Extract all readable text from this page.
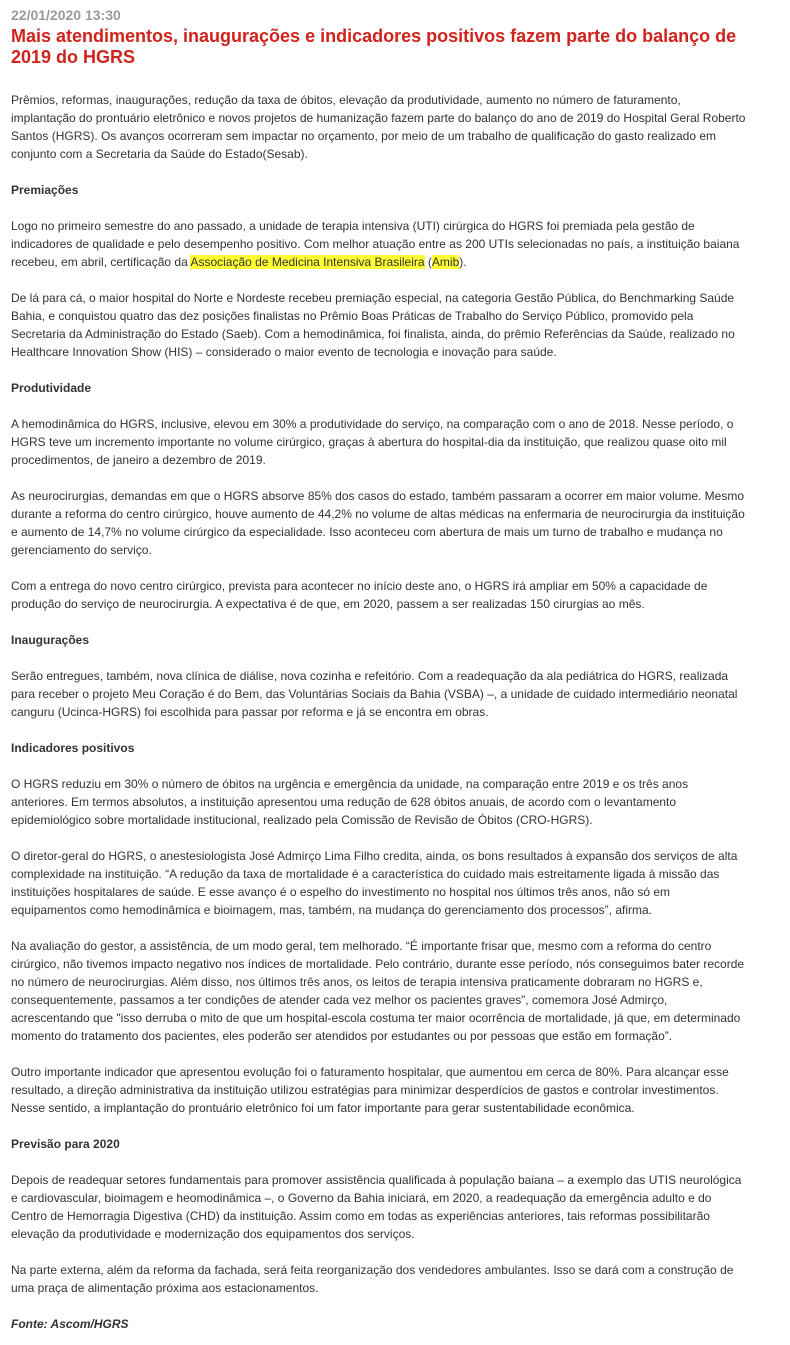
22/01/2020 13:30
Mais atendimentos, inaugurações e indicadores positivos fazem parte do balanço de 2019 do HGRS

Prêmios, reformas, inaugurações, redução da taxa de óbitos, elevação da produtividade, aumento no número de faturamento, implantação do prontuário eletrônico e novos projetos de humanização fazem parte do balanço do ano de 2019 do Hospital Geral Roberto Santos (HGRS). Os avanços ocorreram sem impactar no orçamento, por meio de um trabalho de qualificação do gasto realizado em conjunto com a Secretaria da Saúde do Estado(Sesab).

Premiações

Logo no primeiro semestre do ano passado, a unidade de terapia intensiva (UTI) cirúrgica do HGRS foi premiada pela gestão de indicadores de qualidade e pelo desempenho positivo. Com melhor atuação entre as 200 UTIs selecionadas no país, a instituição baiana recebeu, em abril, certificação da Associação de Medicina Intensiva Brasileira (Amib).

De lá para cá, o maior hospital do Norte e Nordeste recebeu premiação especial, na categoria Gestão Pública, do Benchmarking Saúde Bahia, e conquistou quatro das dez posições finalistas no Prêmio Boas Práticas de Trabalho do Serviço Público, promovido pela Secretaria da Administração do Estado (Saeb). Com a hemodinâmica, foi finalista, ainda, do prêmio Referências da Saúde, realizado no Healthcare Innovation Show (HIS) – considerado o maior evento de tecnologia e inovação para saúde.

Produtividade

A hemodinâmica do HGRS, inclusive, elevou em 30% a produtividade do serviço, na comparação com o ano de 2018. Nesse período, o HGRS teve um incremento importante no volume cirúrgico, graças à abertura do hospital-dia da instituição, que realizou quase oito mil procedimentos, de janeiro a dezembro de 2019.

As neurocirurgias, demandas em que o HGRS absorve 85% dos casos do estado, também passaram a ocorrer em maior volume. Mesmo durante a reforma do centro cirúrgico, houve aumento de 44,2% no volume de altas médicas na enfermaria de neurocirurgia da instituição e aumento de 14,7% no volume cirúrgico da especialidade. Isso aconteceu com abertura de mais um turno de trabalho e mudança no gerenciamento do serviço.

Com a entrega do novo centro cirúrgico, prevista para acontecer no início deste ano, o HGRS irá ampliar em 50% a capacidade de produção do serviço de neurocirurgia. A expectativa é de que, em 2020, passem a ser realizadas 150 cirurgias ao mês.

Inaugurações

Serão entregues, também, nova clínica de diálise, nova cozinha e refeitório. Com a readequação da ala pediátrica do HGRS, realizada para receber o projeto Meu Coração é do Bem, das Voluntárias Sociais da Bahia (VSBA) –, a unidade de cuidado intermediário neonatal canguru (Ucinca-HGRS) foi escolhida para passar por reforma e já se encontra em obras.

Indicadores positivos

O HGRS reduziu em 30% o número de óbitos na urgência e emergência da unidade, na comparação entre 2019 e os três anos anteriores. Em termos absolutos, a instituição apresentou uma redução de 628 óbitos anuais, de acordo com o levantamento epidemiológico sobre mortalidade institucional, realizado pela Comissão de Revisão de Óbitos (CRO-HGRS).

O diretor-geral do HGRS, o anestesiologista José Admirço Lima Filho credita, ainda, os bons resultados à expansão dos serviços de alta complexidade na instituição. “A redução da taxa de mortalidade é a característica do cuidado mais estreitamente ligada à missão das instituições hospitalares de saúde. E esse avanço é o espelho do investimento no hospital nos últimos três anos, não só em equipamentos como hemodinâmica e bioimagem, mas, também, na mudança do gerenciamento dos processos”, afirma.

Na avaliação do gestor, a assistência, de um modo geral, tem melhorado. “É importante frisar que, mesmo com a reforma do centro cirúrgico, não tivemos impacto negativo nos índices de mortalidade. Pelo contrário, durante esse período, nós conseguimos bater recorde no número de neurocirurgias. Além disso, nos últimos três anos, os leitos de terapia intensiva praticamente dobraram no HGRS e, consequentemente, passamos a ter condições de atender cada vez melhor os pacientes graves”, comemora José Admirço, acrescentando que "isso derruba o mito de que um hospital-escola costuma ter maior ocorrência de mortalidade, já que, em determinado momento do tratamento dos pacientes, eles poderão ser atendidos por estudantes ou por pessoas que estão em formação”.

Outro importante indicador que apresentou evolução foi o faturamento hospitalar, que aumentou em cerca de 80%. Para alcançar esse resultado, a direção administrativa da instituição utilizou estratégias para minimizar desperdícios de gastos e controlar investimentos. Nesse sentido, a implantação do prontuário eletrônico foi um fator importante para gerar sustentabilidade econômica.

Previsão para 2020

Depois de readequar setores fundamentais para promover assistência qualificada à população baiana – a exemplo das UTIS neurológica e cardiovascular, bioimagem e heomodinâmica –, o Governo da Bahia iniciará, em 2020, a readequação da emergência adulto e do Centro de Hemorragia Digestiva (CHD) da instituição. Assim como em todas as experiências anteriores, tais reformas possibilitarão elevação da produtividade e modernização dos equipamentos dos serviços.

Na parte externa, além da reforma da fachada, será feita reorganização dos vendedores ambulantes. Isso se dará com a construção de uma praça de alimentação próxima aos estacionamentos.

Fonte: Ascom/HGRS
